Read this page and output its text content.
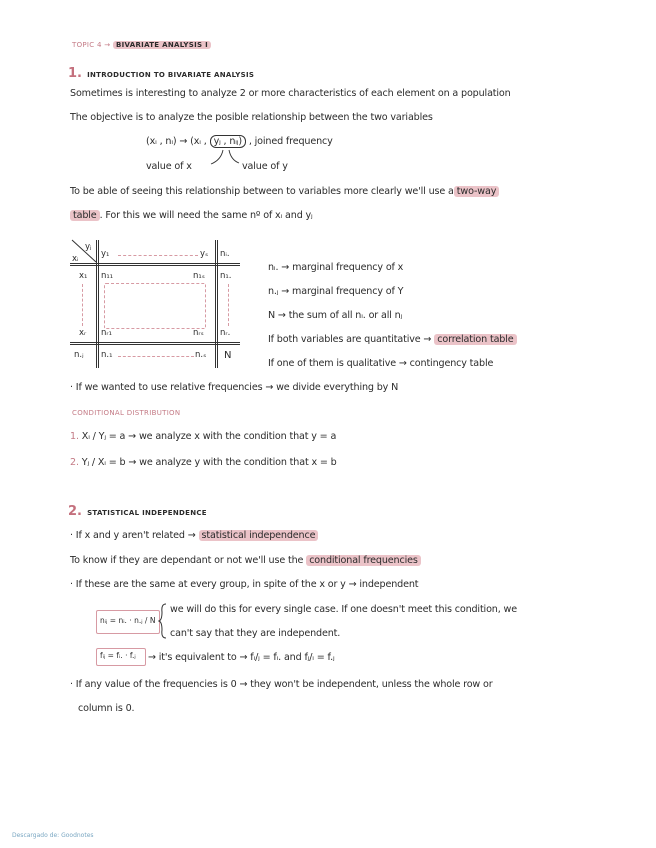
TOPIC 4 → BIVARIATE ANALYSIS I
1. INTRODUCTION TO BIVARIATE ANALYSIS
Sometimes is interesting to analyze 2 or more characteristics of each element on a population
The objective is to analyze the posible relationship between the two variables
(xᵢ , nᵢ) → (xᵢ , yⱼ , nᵢⱼ) , joined frequency
value of x	value of y
To be able of seeing this relationship between to variables more clearly we'll use a two-way
table . For this we will need the same nº of xᵢ and yⱼ
yⱼ
xᵢ	y₁	yₛ nᵢ.
x₁ n₁₁	n₁ₛ n₁.
xᵣ nᵣ₁	nᵣₛ nᵣ.
n.ⱼ n.₁	n.ₛ N
nᵢ. → marginal frequency of x
n.ⱼ → marginal frequency of Y
N → the sum of all nᵢ. or all nⱼ
If both variables are quantitative → correlation table
If one of them is qualitative → contingency table
· If we wanted to use relative frequencies → we divide everything by N
CONDITIONAL DISTRIBUTION
1. Xᵢ / Yⱼ = a → we analyze x with the condition that y = a
2. Yⱼ / Xᵢ = b → we analyze y with the condition that x = b
2. STATISTICAL INDEPENDENCE
· If x and y aren't related → statistical independence
To know if they are dependant or not we'll use the conditional frequencies
· If these are the same at every group, in spite of the x or y → independent
nᵢⱼ = nᵢ. · n.ⱼ / N
we will do this for every single case. If one doesn't meet this condition, we
can't say that they are independent.
fᵢⱼ = fᵢ. · f.ⱼ → it's equivalent to → fᵢ/ⱼ = fᵢ. and fⱼ/ᵢ = f.ⱼ
· If any value of the frequencies is 0 → they won't be independent, unless the whole row or
column is 0.
Descargado de: Goodnotes
